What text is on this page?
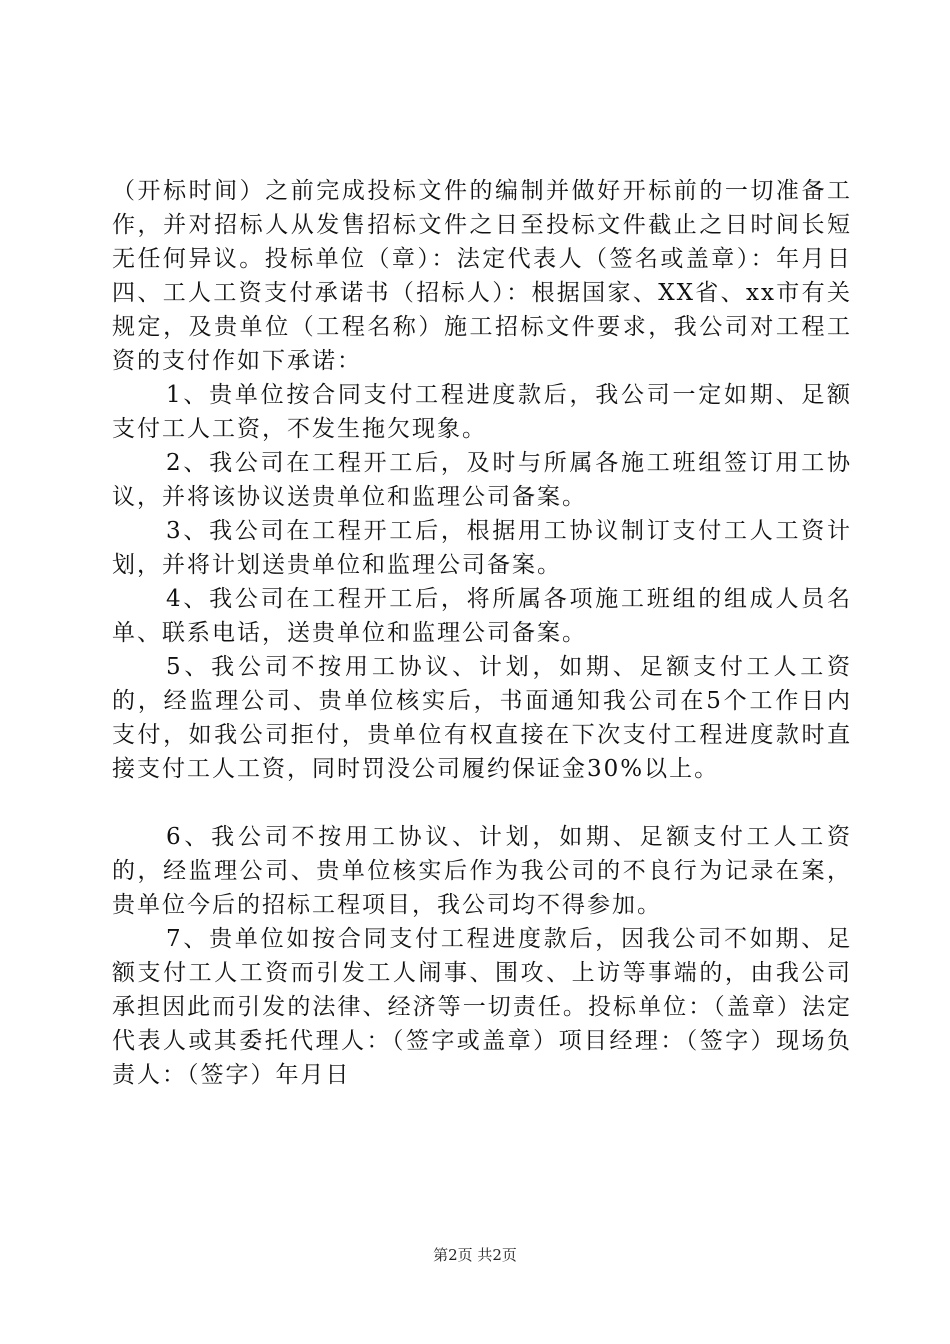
（开标时间）之前完成投标文件的编制并做好开标前的一切准备工作，并对招标人从发售招标文件之日至投标文件截止之日时间长短无任何异议。投标单位（章）：法定代表人（签名或盖章）：年月日四、工人工资支付承诺书（招标人）：根据国家、XX省、xx市有关规定，及贵单位（工程名称）施工招标文件要求，我公司对工程工资的支付作如下承诺：

1、贵单位按合同支付工程进度款后，我公司一定如期、足额支付工人工资，不发生拖欠现象。

2、我公司在工程开工后，及时与所属各施工班组签订用工协议，并将该协议送贵单位和监理公司备案。

3、我公司在工程开工后，根据用工协议制订支付工人工资计划，并将计划送贵单位和监理公司备案。

4、我公司在工程开工后，将所属各项施工班组的组成人员名单、联系电话，送贵单位和监理公司备案。

5、我公司不按用工协议、计划，如期、足额支付工人工资的，经监理公司、贵单位核实后，书面通知我公司在5个工作日内支付，如我公司拒付，贵单位有权直接在下次支付工程进度款时直接支付工人工资，同时罚没公司履约保证金30%以上。

6、我公司不按用工协议、计划，如期、足额支付工人工资的，经监理公司、贵单位核实后作为我公司的不良行为记录在案，贵单位今后的招标工程项目，我公司均不得参加。

7、贵单位如按合同支付工程进度款后，因我公司不如期、足额支付工人工资而引发工人闹事、围攻、上访等事端的，由我公司承担因此而引发的法律、经济等一切责任。投标单位：（盖章）法定代表人或其委托代理人：（签字或盖章）项目经理：（签字）现场负责人：（签字）年月日

第2页 共2页
